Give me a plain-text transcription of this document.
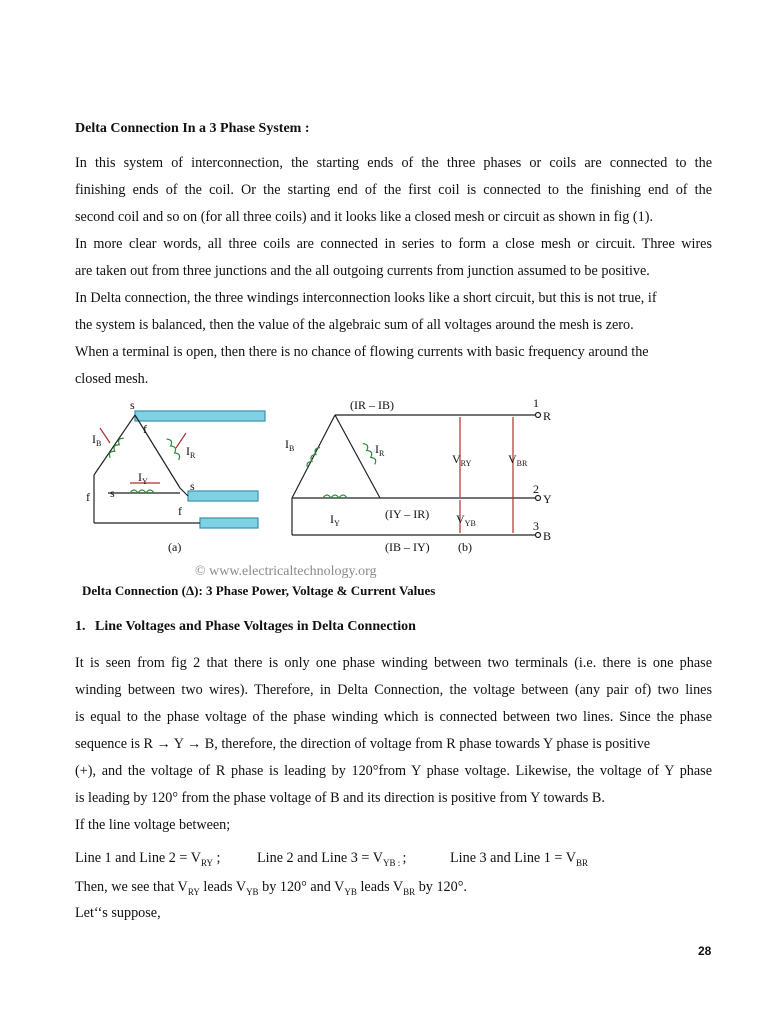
Delta Connection In a 3 Phase System :
In this system of interconnection, the starting ends of the three phases or coils are connected to the
finishing ends of the coil. Or the starting end of the first coil is connected to the finishing end of the
second coil and so on (for all three coils) and it looks like a closed mesh or circuit as shown in fig (1).
In more clear words, all three coils are connected in series to form a close mesh or circuit. Three wires
are taken out from three junctions and the all outgoing currents from junction assumed to be positive.
In Delta connection, the three windings interconnection looks like a short circuit, but this is not true, if
the system is balanced, then the value of the algebraic sum of all voltages around the mesh is zero.
When a terminal is open, then there is no chance of flowing currents with basic frequency around the
closed mesh.
s
f
$I_B$
$I_R$
$I_Y$
s	s
f
f
(a)
(IR – IB)
$I_B$	$I_R$
$I_Y$
(IY – IR)
(IB – IY) (b)
$V_{RY}$	$V_{BR}$
$V_{YB}$
1
R
2
Y
3
B
© www.electricaltechnology.org
Delta Connection (Δ): 3 Phase Power, Voltage & Current Values
1. Line Voltages and Phase Voltages in Delta Connection
It is seen from fig 2 that there is only one phase winding between two terminals (i.e. there is one phase
winding between two wires). Therefore, in Delta Connection, the voltage between (any pair of) two lines
is equal to the phase voltage of the phase winding which is connected between two lines. Since the phase
sequence is R → Y → B, therefore, the direction of voltage from R phase towards Y phase is positive
(+), and the voltage of R phase is leading by 120°from Y phase voltage. Likewise, the voltage of Y phase
is leading by 120° from the phase voltage of B and its direction is positive from Y towards B.
If the line voltage between;
Line 1 and Line $2 = V_{RY}$ ;	Line 2 and Line $3 = V_{YB :}$ ;	Line 3 and Line $1 = V_{BR}$
Then, we see that $V_{RY}$ leads $V_{YB}$ by 120° and $V_{YB}$ leads $V_{BR}$ by 120°.
Let‘‘s suppose,
28
